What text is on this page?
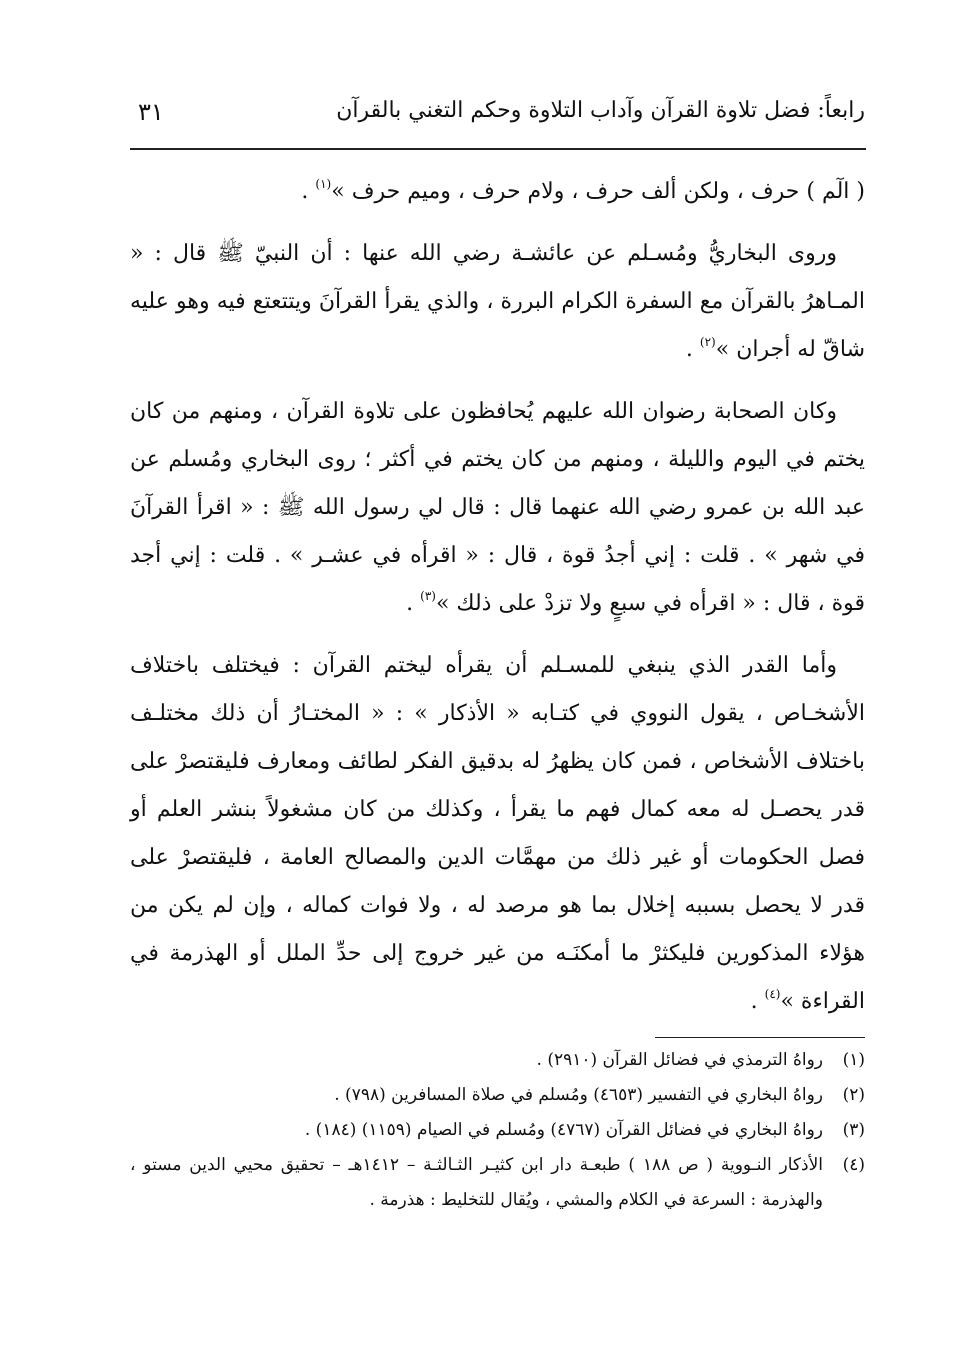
رابعاً: فضل تلاوة القرآن وآداب التلاوة وحكم التغني بالقرآن
٣١

( الٓم ) حرف ، ولكن ألف حرف ، ولام حرف ، وميم حرف »$^{(١)}$ .

وروى البخاريُّ ومُسـلم عن عائشـة رضي الله عنها : أن النبيّ ﷺ قال : « المـاهرُ بالقرآن مع السفرة الكرام البررة ، والذي يقرأ القرآنَ ويتتعتع فيه وهو عليه شاقّ له أجران »$^{(٢)}$ .

وكان الصحابة رضوان الله عليهم يُحافظون على تلاوة القرآن ، ومنهم من كان يختم في اليوم والليلة ، ومنهم من كان يختم في أكثر ؛ روى البخاري ومُسلم عن عبد الله بن عمرو رضي الله عنهما قال : قال لي رسول الله ﷺ : « اقرأ القرآنَ في شهر » . قلت : إني أجدُ قوة ، قال : « اقرأه في عشـر » . قلت : إني أجد قوة ، قال : « اقرأه في سبعٍ ولا تزدْ على ذلك »$^{(٣)}$ .

وأما القدر الذي ينبغي للمسـلم أن يقرأه ليختم القرآن : فيختلف باختلاف الأشخـاص ، يقول النووي في كتـابه « الأذكار » : « المختـارُ أن ذلك مختلـف باختلاف الأشخاص ، فمن كان يظهرُ له بدقيق الفكر لطائف ومعارف فليقتصرْ على قدر يحصـل له معه كمال فهم ما يقرأ ، وكذلك من كان مشغولاً بنشر العلم أو فصل الحكومات أو غير ذلك من مهمَّات الدين والمصالح العامة ، فليقتصرْ على قدر لا يحصل بسببه إخلال بما هو مرصد له ، ولا فوات كماله ، وإن لم يكن من هؤلاء المذكورين فليكثرْ ما أمكنَـه من غير خروج إلى حدِّ الملل أو الهذرمة في القراءة »$^{(٤)}$ .

(١)
رواهُ الترمذي في فضائل القرآن (٢٩١٠) .
(٢)
رواهُ البخاري في التفسير (٤٦٥٣) ومُسلم في صلاة المسافرين (٧٩٨) .
(٣)
رواهُ البخاري في فضائل القرآن (٤٧٦٧) ومُسلم في الصيام (١١٥٩) (١٨٤) .
(٤)
الأذكار النـووية ( ص ١٨٨ ) طبعـة دار ابن كثيـر الثـالثـة – ١٤١٢هـ – تحقيق محيي الدين مستو ، والهذرمة : السرعة في الكلام والمشي ، ويُقال للتخليط : هذرمة .
